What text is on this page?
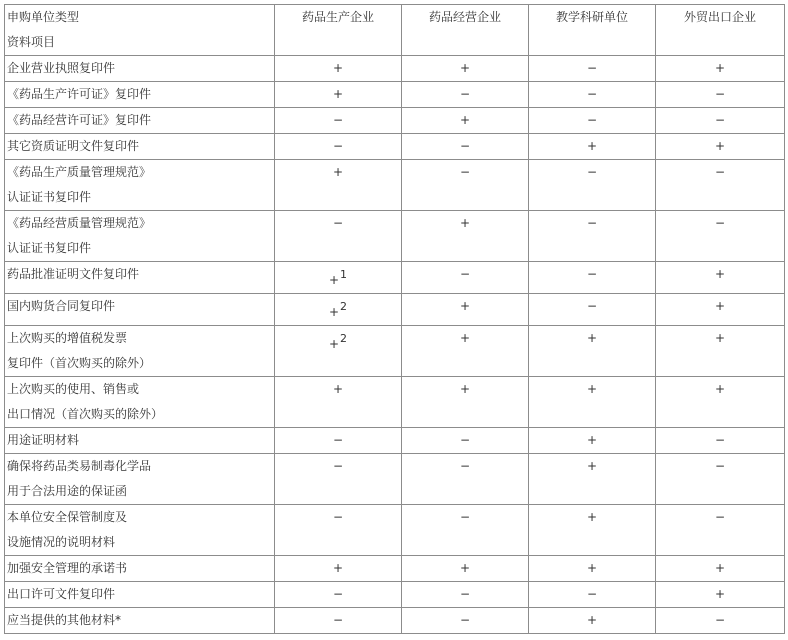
申购单位类型
资料项目	药品生产企业	药品经营企业	教学科研单位	外贸出口企业

企业营业执照复印件	+	+	−	+

《药品生产许可证》复印件	+	−	−	−

《药品经营许可证》复印件	−	+	−	−

其它资质证明文件复印件	−	−	+	+

《药品生产质量管理规范》
认证证书复印件	+	−	−	−

《药品经营质量管理规范》
认证证书复印件	−	+	−	−

药品批准证明文件复印件	+$^1$	−	−	+

国内购货合同复印件	+$^2$	+	−	+

上次购买的增值税发票
复印件（首次购买的除外）	+$^2$	+	+	+

上次购买的使用、销售或
出口情况（首次购买的除外）	+	+	+	+

用途证明材料	−	−	+	−

确保将药品类易制毒化学品
用于合法用途的保证函	−	−	+	−

本单位安全保管制度及
设施情况的说明材料	−	−	+	−

加强安全管理的承诺书	+	+	+	+

出口许可文件复印件	−	−	−	+

应当提供的其他材料*	−	−	+	−
